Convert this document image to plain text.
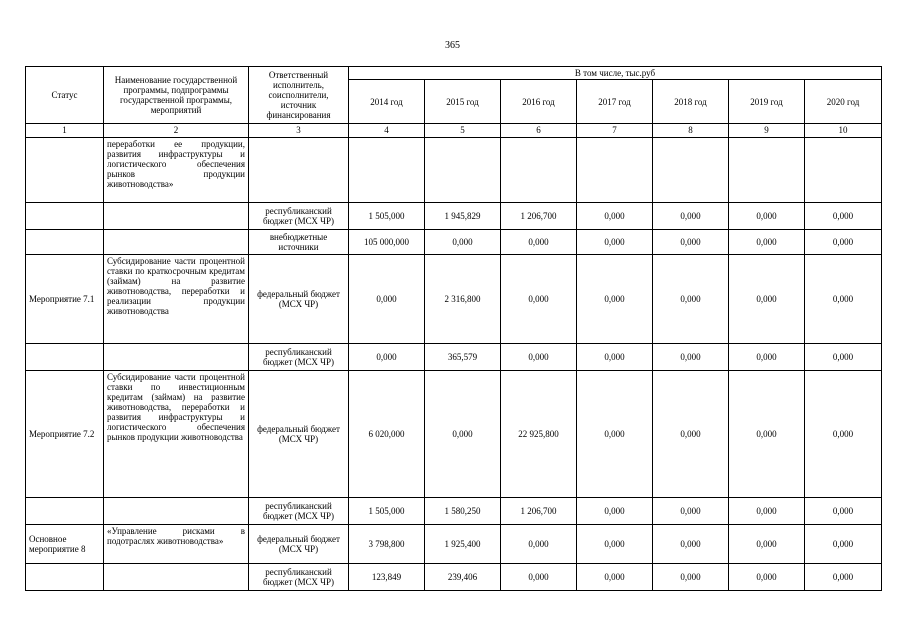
365
Статус	Наименование государственной программы, подпрограммы государственной программы, мероприятий	Ответственный исполнитель, соисполнители, источник финансирования	В том числе, тыс.руб						
			2014 год	2015 год	2016 год	2017 год	2018 год	2019 год	2020 год
1	2	3	4	5	6	7	8	9	10
	переработки ее продукции, развития инфраструктуры и логистического обеспечения рынков продукции животноводства»								
		республиканский бюджет (МСХ ЧР)	1 505,000	1 945,829	1 206,700	0,000	0,000	0,000	0,000
		внебюджетные источники	105 000,000	0,000	0,000	0,000	0,000	0,000	0,000
Мероприятие 7.1	Субсидирование части процентной ставки по краткосрочным кредитам (займам) на развитие животноводства, переработки и реализации продукции животноводства	федеральный бюджет (МСХ ЧР)	0,000	2 316,800	0,000	0,000	0,000	0,000	0,000
		республиканский бюджет (МСХ ЧР)	0,000	365,579	0,000	0,000	0,000	0,000	0,000
Мероприятие 7.2	Субсидирование части процентной ставки по инвестиционным кредитам (займам) на развитие животноводства, переработки и развития инфраструктуры и логистического обеспечения рынков продукции животноводства	федеральный бюджет (МСХ ЧР)	6 020,000	0,000	22 925,800	0,000	0,000	0,000	0,000
		республиканский бюджет (МСХ ЧР)	1 505,000	1 580,250	1 206,700	0,000	0,000	0,000	0,000
Основное мероприятие 8	«Управление рисками в подотраслях животноводства»	федеральный бюджет (МСХ ЧР)	3 798,800	1 925,400	0,000	0,000	0,000	0,000	0,000
		республиканский бюджет (МСХ ЧР)	123,849	239,406	0,000	0,000	0,000	0,000	0,000
